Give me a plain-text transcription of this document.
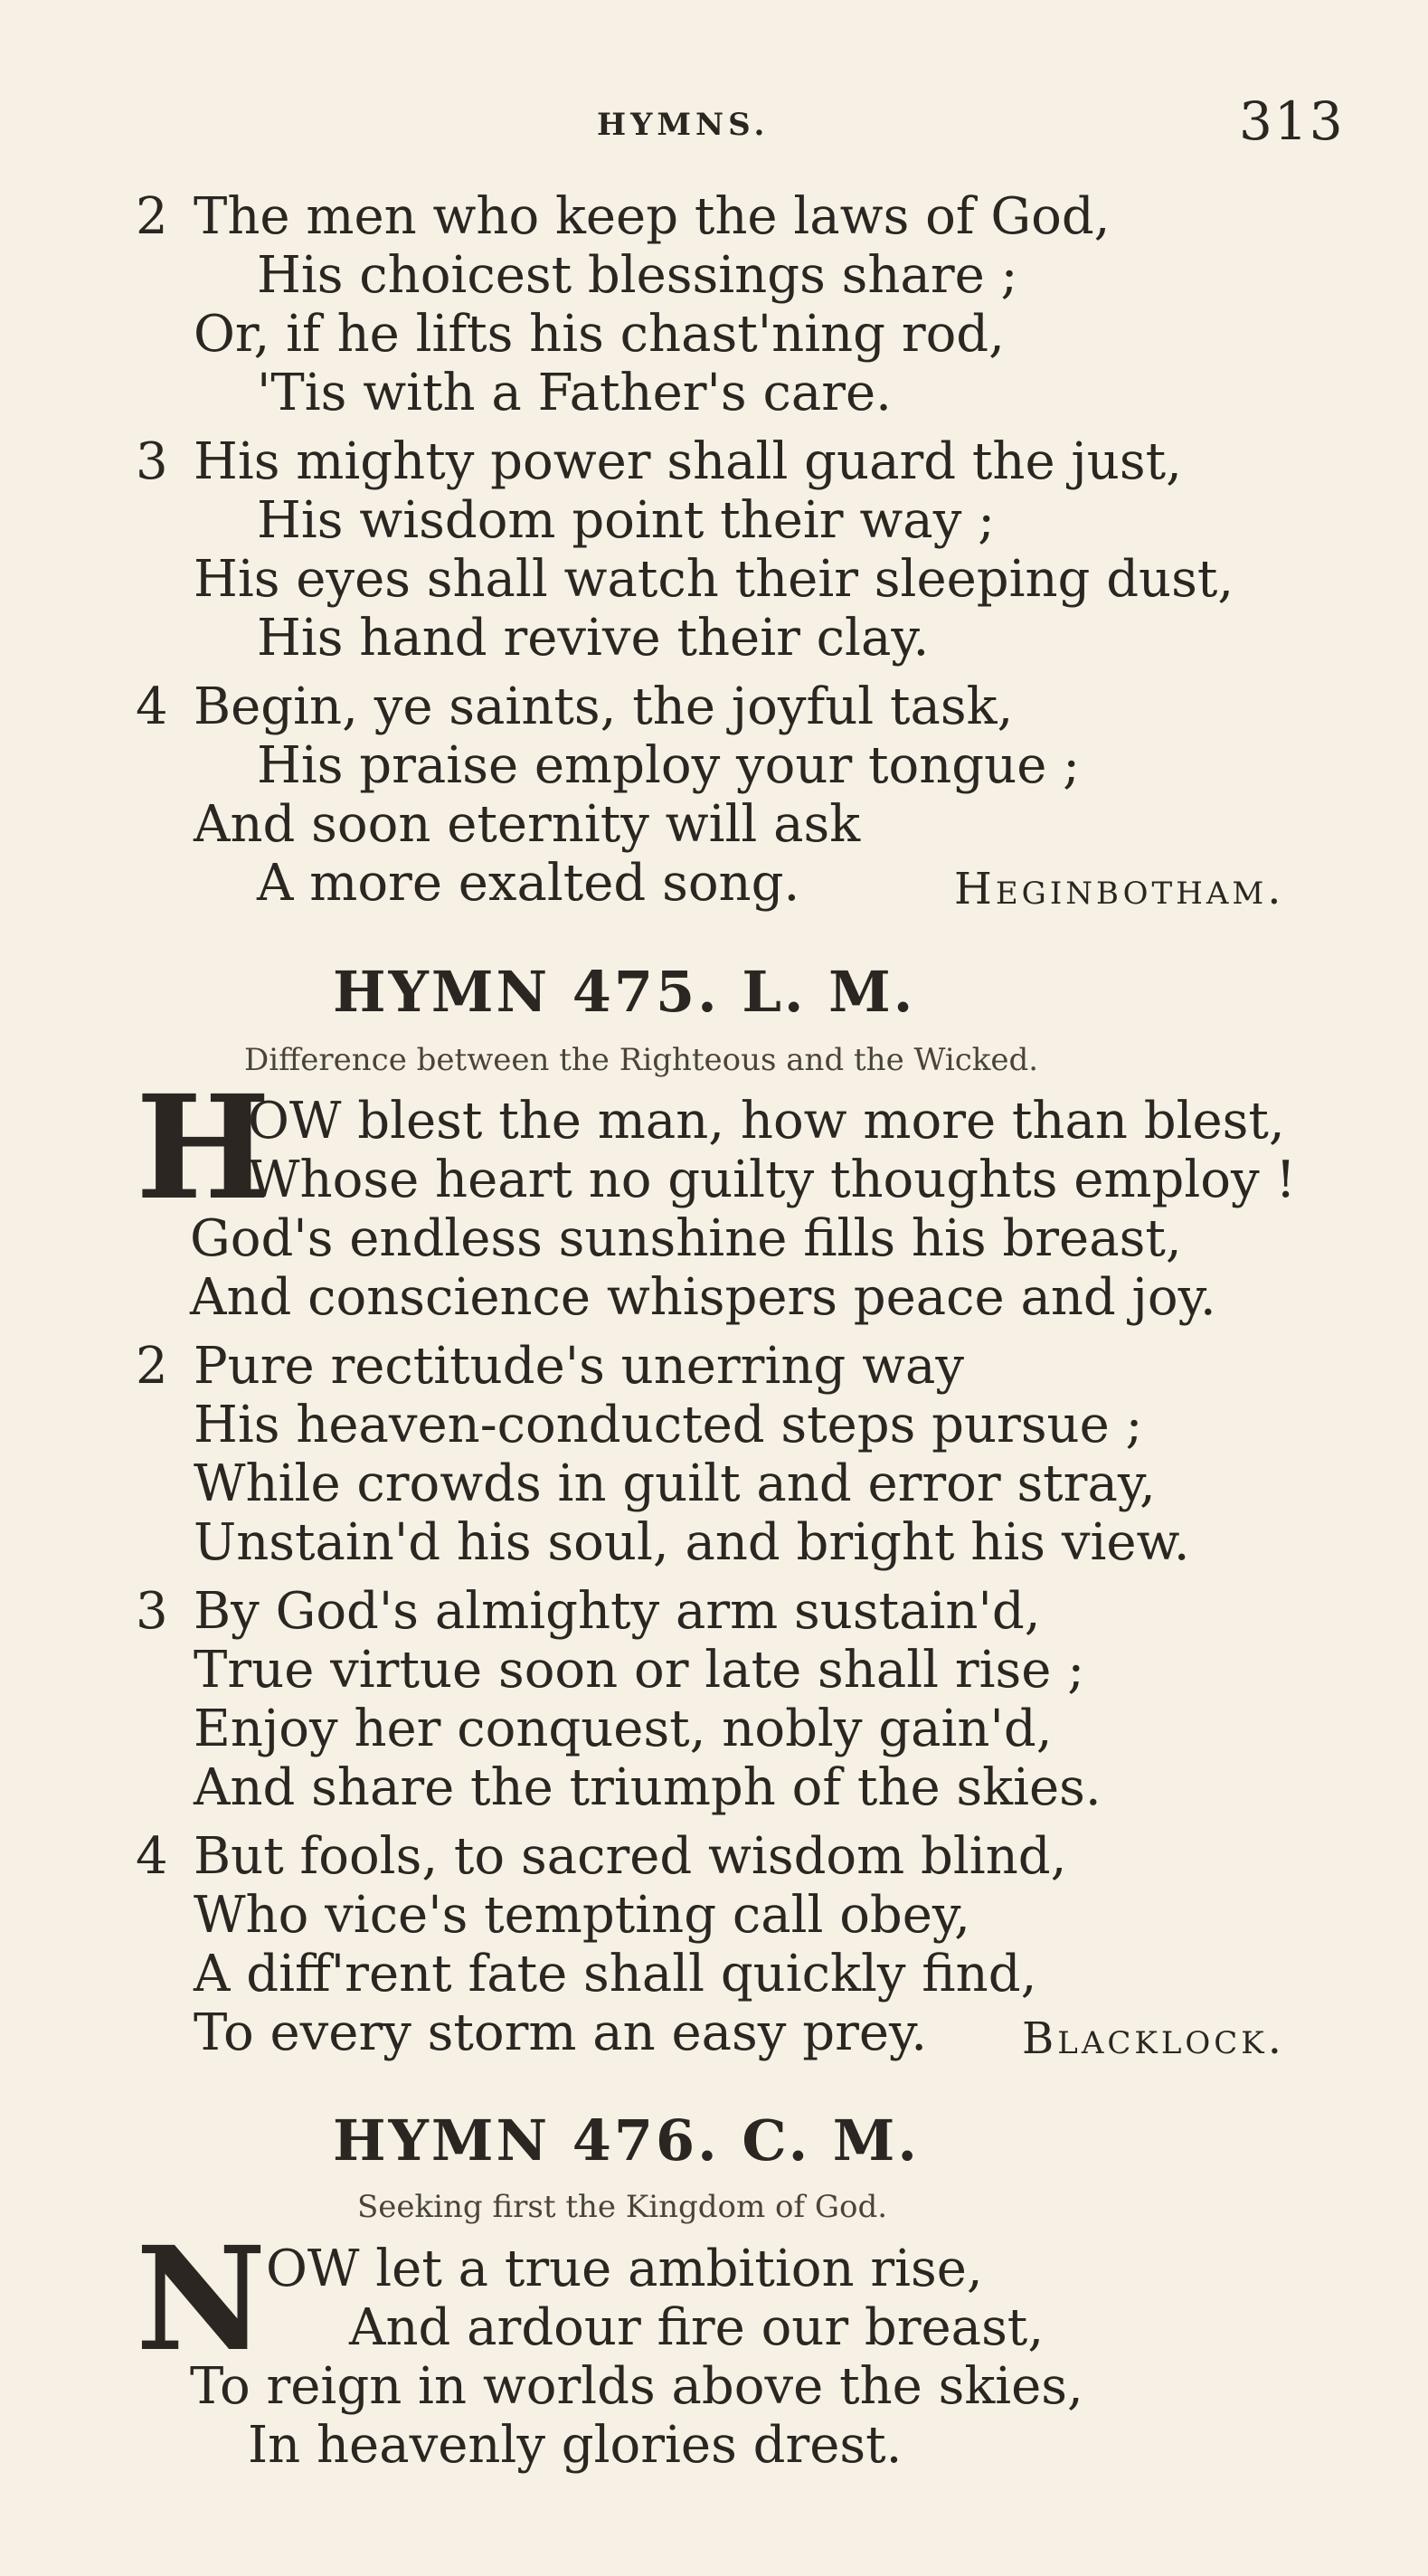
HYMNS.	313
2 The men who keep the laws of God,
His choicest blessings share ;
Or, if he lifts his chast'ning rod,
'Tis with a Father's care.
3 His mighty power shall guard the just,
His wisdom point their way ;
His eyes shall watch their sleeping dust,
His hand revive their clay.
4 Begin, ye saints, the joyful task,
His praise employ your tongue ;
And soon eternity will ask
A more exalted song.	Heginbotham.
HYMN 475. L. M.
Difference between the Righteous and the Wicked.
H
OW blest the man, how more than blest,
Whose heart no guilty thoughts employ !
God's endless sunshine fills his breast,
And conscience whispers peace and joy.
2 Pure rectitude's unerring way
His heaven-conducted steps pursue ;
While crowds in guilt and error stray,
Unstain'd his soul, and bright his view.
3 By God's almighty arm sustain'd,
True virtue soon or late shall rise ;
Enjoy her conquest, nobly gain'd,
And share the triumph of the skies.
4 But fools, to sacred wisdom blind,
Who vice's tempting call obey,
A diff'rent fate shall quickly find,
To every storm an easy prey. Blacklock.
HYMN 476. C. M.
Seeking first the Kingdom of God.
N OW let a true ambition rise,
And ardour fire our breast,
To reign in worlds above the skies,
In heavenly glories drest.
